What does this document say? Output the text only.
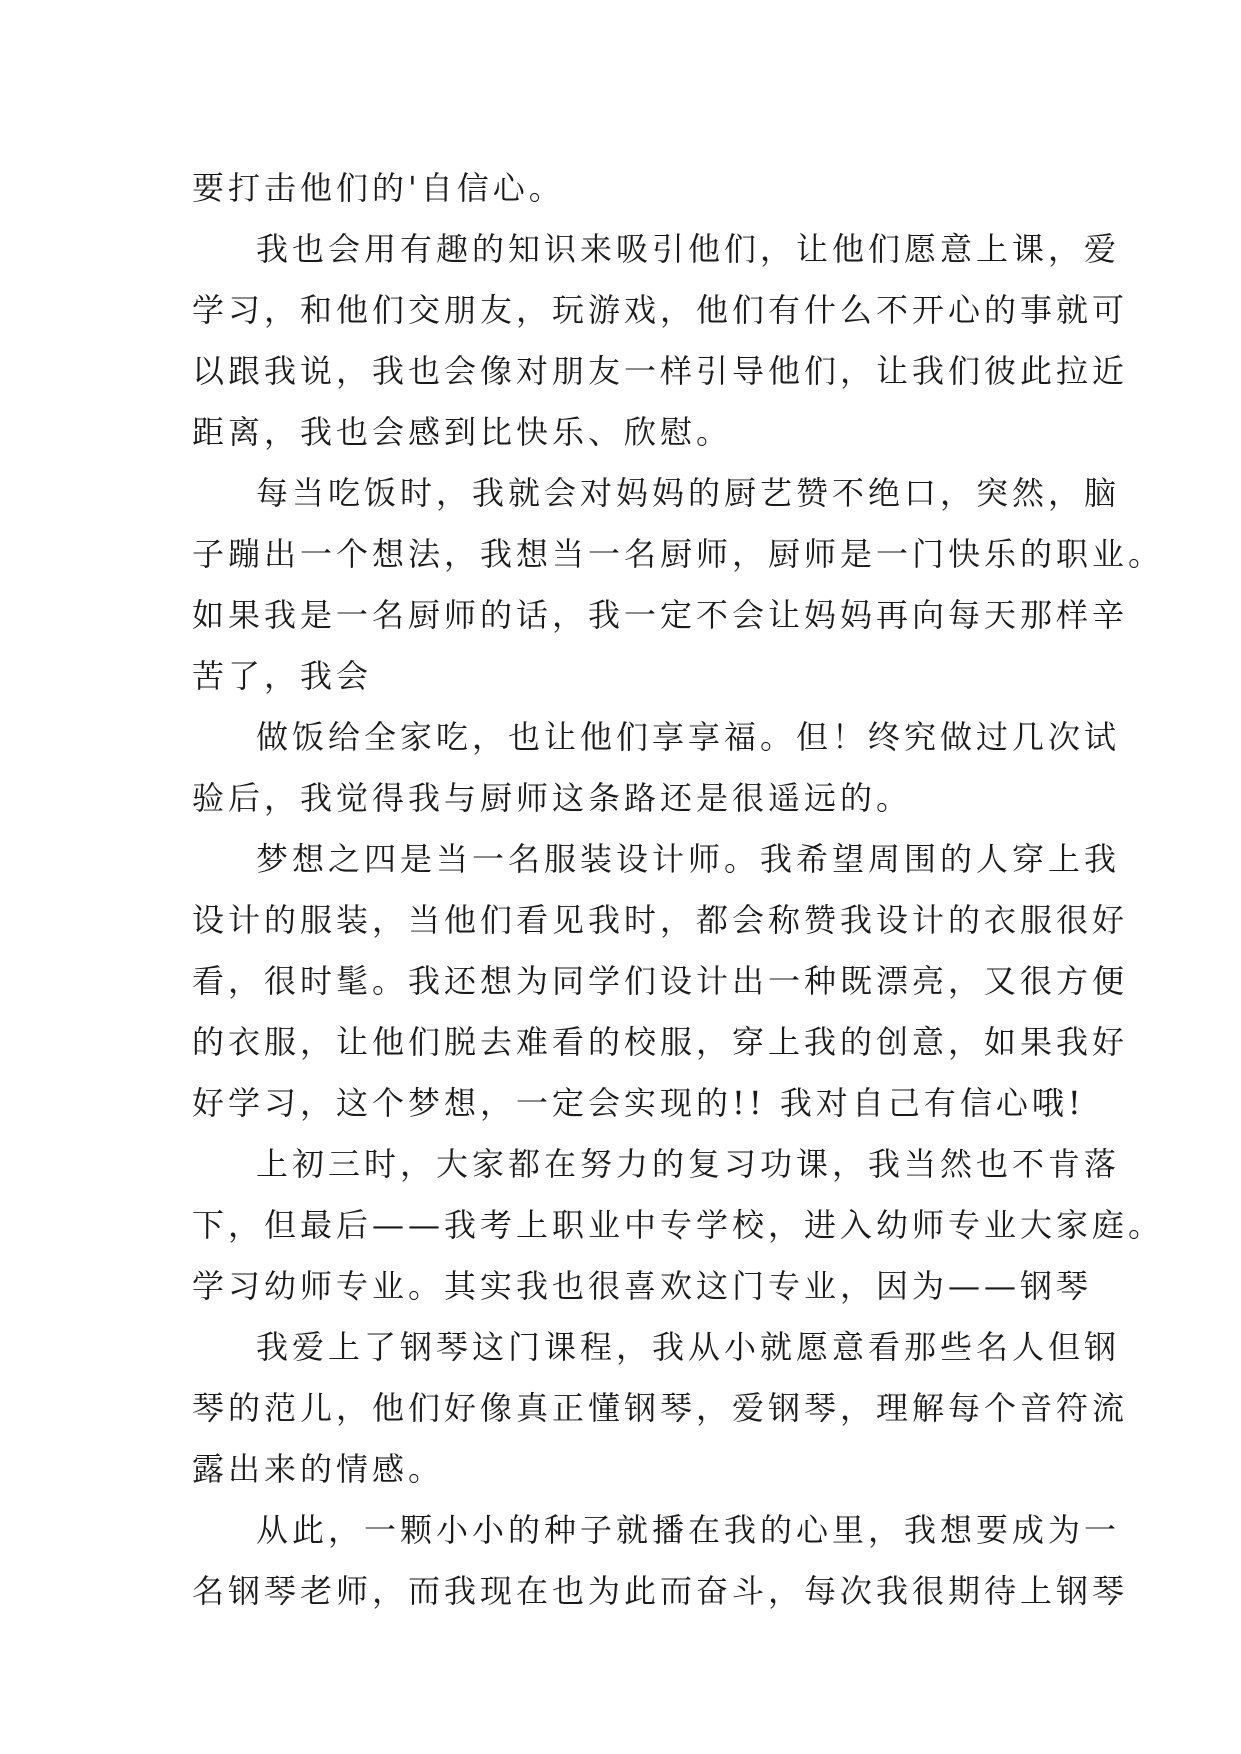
要打击他们的'自信心。
我也会用有趣的知识来吸引他们，让他们愿意上课，爱
学习，和他们交朋友，玩游戏，他们有什么不开心的事就可
以跟我说，我也会像对朋友一样引导他们，让我们彼此拉近
距离，我也会感到比快乐、欣慰。
每当吃饭时，我就会对妈妈的厨艺赞不绝口，突然，脑
子蹦出一个想法，我想当一名厨师，厨师是一门快乐的职业。
如果我是一名厨师的话，我一定不会让妈妈再向每天那样辛
苦了，我会
做饭给全家吃，也让他们享享福。但！终究做过几次试
验后，我觉得我与厨师这条路还是很遥远的。
梦想之四是当一名服装设计师。我希望周围的人穿上我
设计的服装，当他们看见我时，都会称赞我设计的衣服很好
看，很时髦。我还想为同学们设计出一种既漂亮，又很方便
的衣服，让他们脱去难看的校服，穿上我的创意，如果我好
好学习，这个梦想，一定会实现的!! 我对自己有信心哦!
上初三时，大家都在努力的复习功课，我当然也不肯落
下，但最后——我考上职业中专学校，进入幼师专业大家庭。
学习幼师专业。其实我也很喜欢这门专业，因为——钢琴
我爱上了钢琴这门课程，我从小就愿意看那些名人但钢
琴的范儿，他们好像真正懂钢琴，爱钢琴，理解每个音符流
露出来的情感。
从此，一颗小小的种子就播在我的心里，我想要成为一
名钢琴老师，而我现在也为此而奋斗，每次我很期待上钢琴
